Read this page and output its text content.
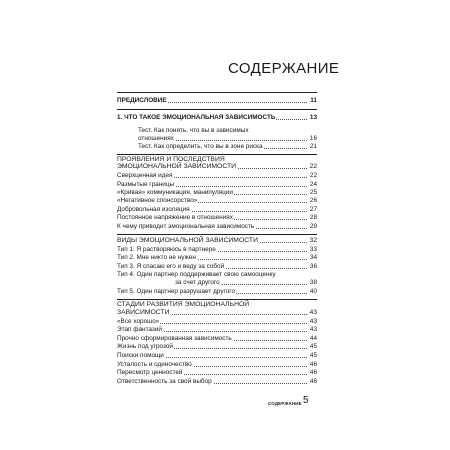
СОДЕРЖАНИЕ
ПРЕДИСЛОВИЕ	11
1. ЧТО ТАКОЕ ЭМОЦИОНАЛЬНАЯ ЗАВИСИМОСТЬ	13
Тест. Как понять, что вы в зависимых
отношениях	16
Тест. Как определить, что вы в зоне риска	21
ПРОЯВЛЕНИЯ И ПОСЛЕДСТВИЯ
ЭМОЦИОНАЛЬНОЙ ЗАВИСИМОСТИ	22
Сверхценная идея	22
Размытые границы	24
«Кривая» коммуникация, манипуляции	25
«Негативное спонсорство»	26
Добровольная изоляция	27
Постоянное напряжение в отношениях	28
К чему приводит эмоциональная зависимость	29
ВИДЫ ЭМОЦИОНАЛЬНОЙ ЗАВИСИМОСТИ	32
Тип 1. Я растворяюсь в партнере	33
Тип 2. Мне никто не нужен	34
Тип 3. Я спасаю его и веду за собой	36
Тип 4. Один партнер поддерживает свою самооценку
за счет другого	38
Тип 5. Один партнер разрушает другого	40
СТАДИИ РАЗВИТИЯ ЭМОЦИОНАЛЬНОЙ
ЗАВИСИМОСТИ	43
«Все хорошо»	43
Этап фантазий	43
Прочно сформированная зависимость	44
Жизнь под угрозой	45
Поиски помощи	45
Усталость и одиночество	46
Пересмотр ценностей	46
Ответственность за свой выбор	46
СОДЕРЖАНИЕ 5
